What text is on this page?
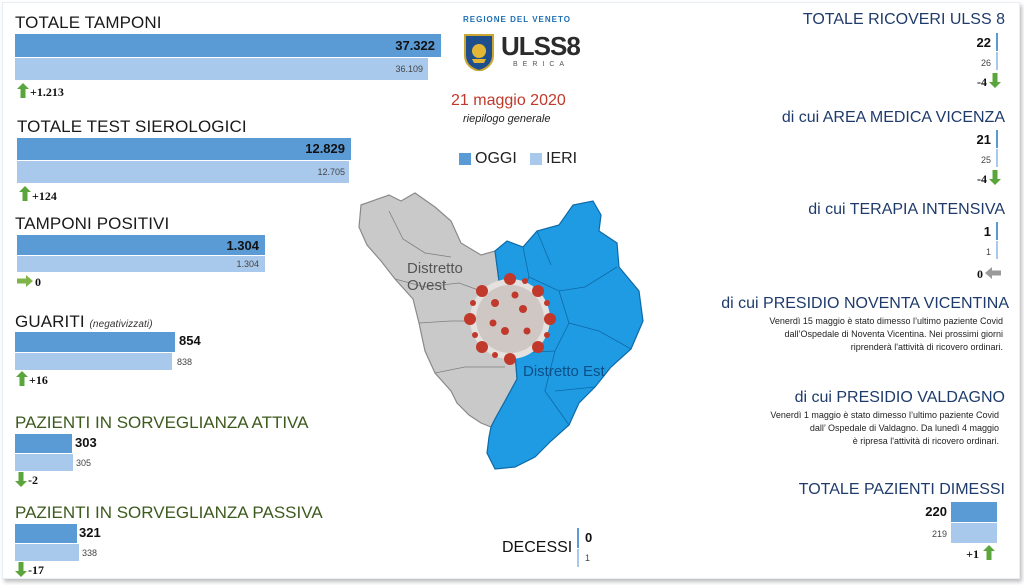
TOTALE TAMPONI
37.322
36.109
+1.213
TOTALE TEST SIEROLOGICI
12.829
12.705
+124
TAMPONI POSITIVI
1.304
1.304
0
GUARITI (negativizzati)
854
838
+16
PAZIENTI IN SORVEGLIANZA ATTIVA
303
305
-2
PAZIENTI IN SORVEGLIANZA PASSIVA
321
338
-17
REGIONE DEL VENETO
ULSS8
BERICA
21 maggio 2020
riepilogo generale
OGGI IERI
Distretto Ovest
Distretto Est
DECESSI
0
1
TOTALE RICOVERI ULSS 8
22
26
-4
di cui AREA MEDICA VICENZA
21
25
-4
di cui TERAPIA INTENSIVA
1
1
0
di cui PRESIDIO NOVENTA VICENTINA
Venerdì 15 maggio è stato dimesso l’ultimo paziente Covid
dall’Ospedale di Noventa Vicentina. Nei prossimi giorni
riprenderà l'attività di ricovero ordinari.
di cui PRESIDIO VALDAGNO
Venerdì 1 maggio è stato dimesso l’ultimo paziente Covid
dall’ Ospedale di Valdagno. Da lunedì 4 maggio
è ripresa l'attività di ricovero ordinari.
TOTALE PAZIENTI DIMESSI
220
219
+1
